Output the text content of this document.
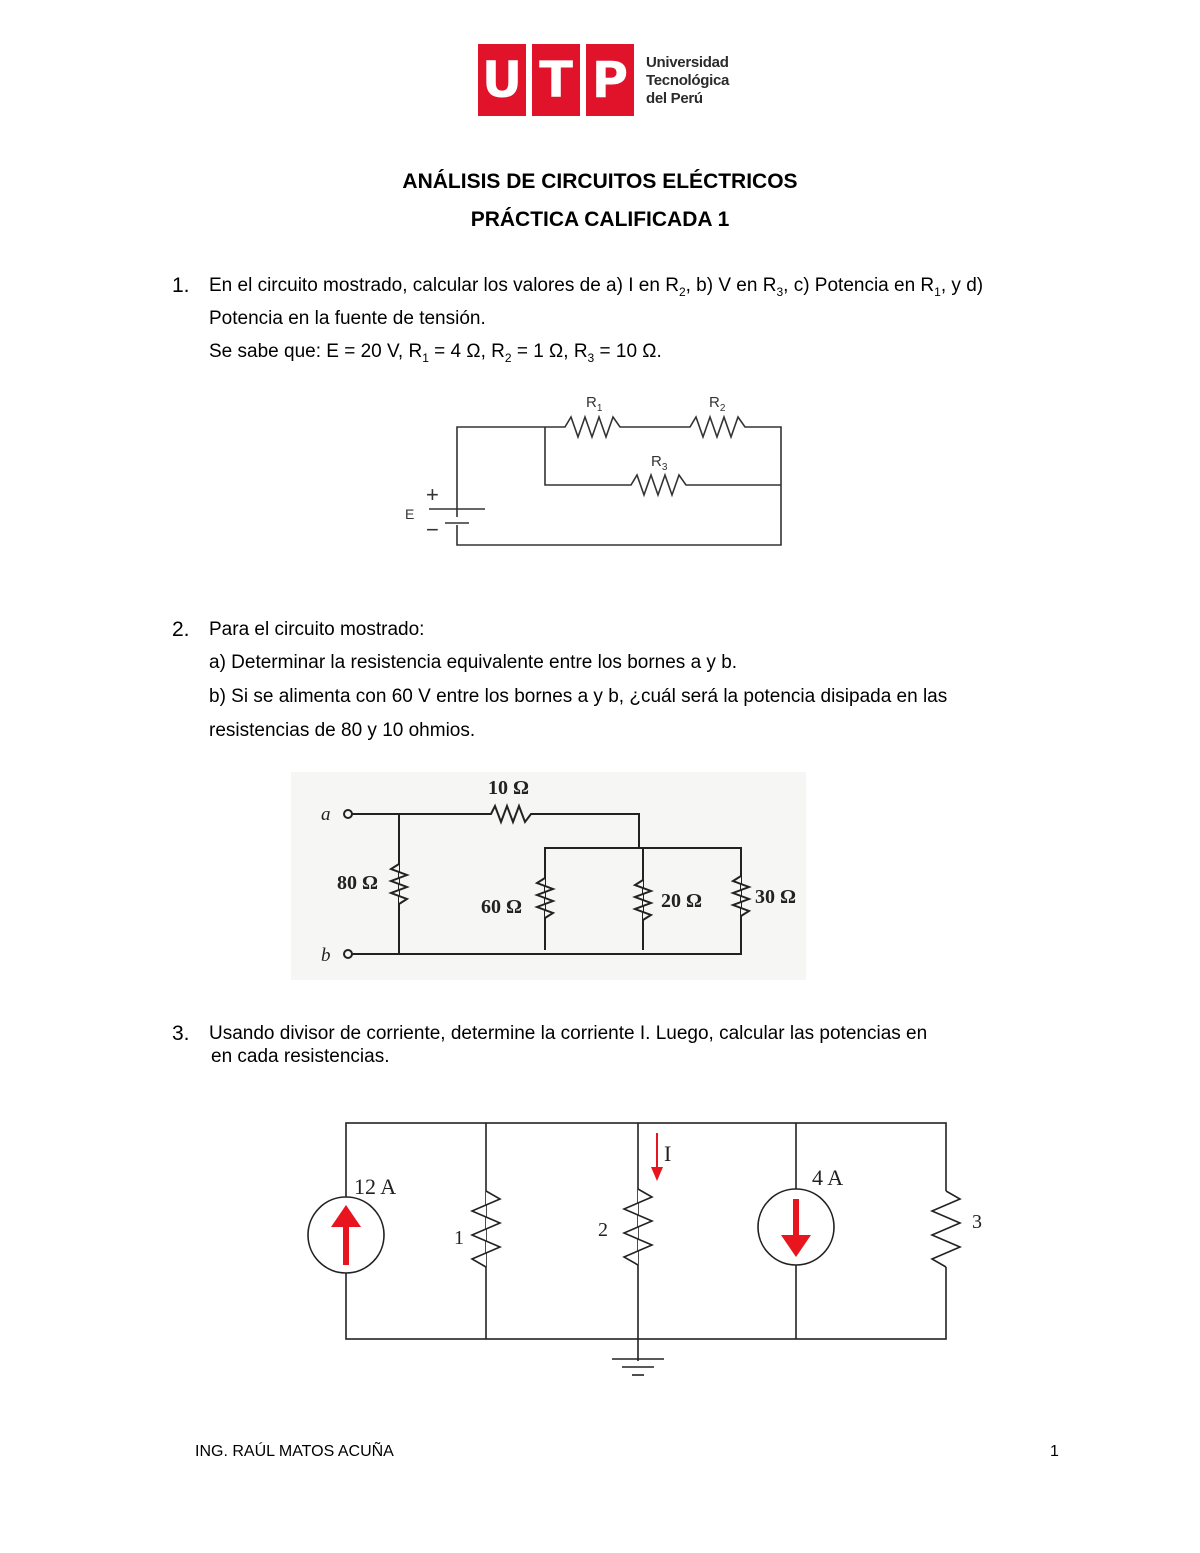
U T P	Universidad
Tecnológica
del Perú
ANÁLISIS DE CIRCUITOS ELÉCTRICOS
PRÁCTICA CALIFICADA 1
1. En el circuito mostrado, calcular los valores de a) I en $R_2$, b) V en $R_3$, c) Potencia en $R_1$, y d)
Potencia en la fuente de tensión.
Se sabe que: E = 20 V, $R_1 = 4$ Ω, $R_2 = 1$ Ω, $R_3 = 10$ Ω.
$R_1$	$R_2$
$R_3$
E
+
−
2. Para el circuito mostrado:
a) Determinar la resistencia equivalente entre los bornes a y b.
b) Si se alimenta con 60 V entre los bornes a y b, ¿cuál será la potencia disipada en las
resistencias de 80 y 10 ohmios.
a
b
10 Ω
80 Ω
60 Ω	20 Ω	30 Ω
3. Usando divisor de corriente, determine la corriente I. Luego, calcular las potencias en
en cada resistencias.
12 A	4 A
I
1	2	3
ING. RAÚL MATOS ACUÑA	1
